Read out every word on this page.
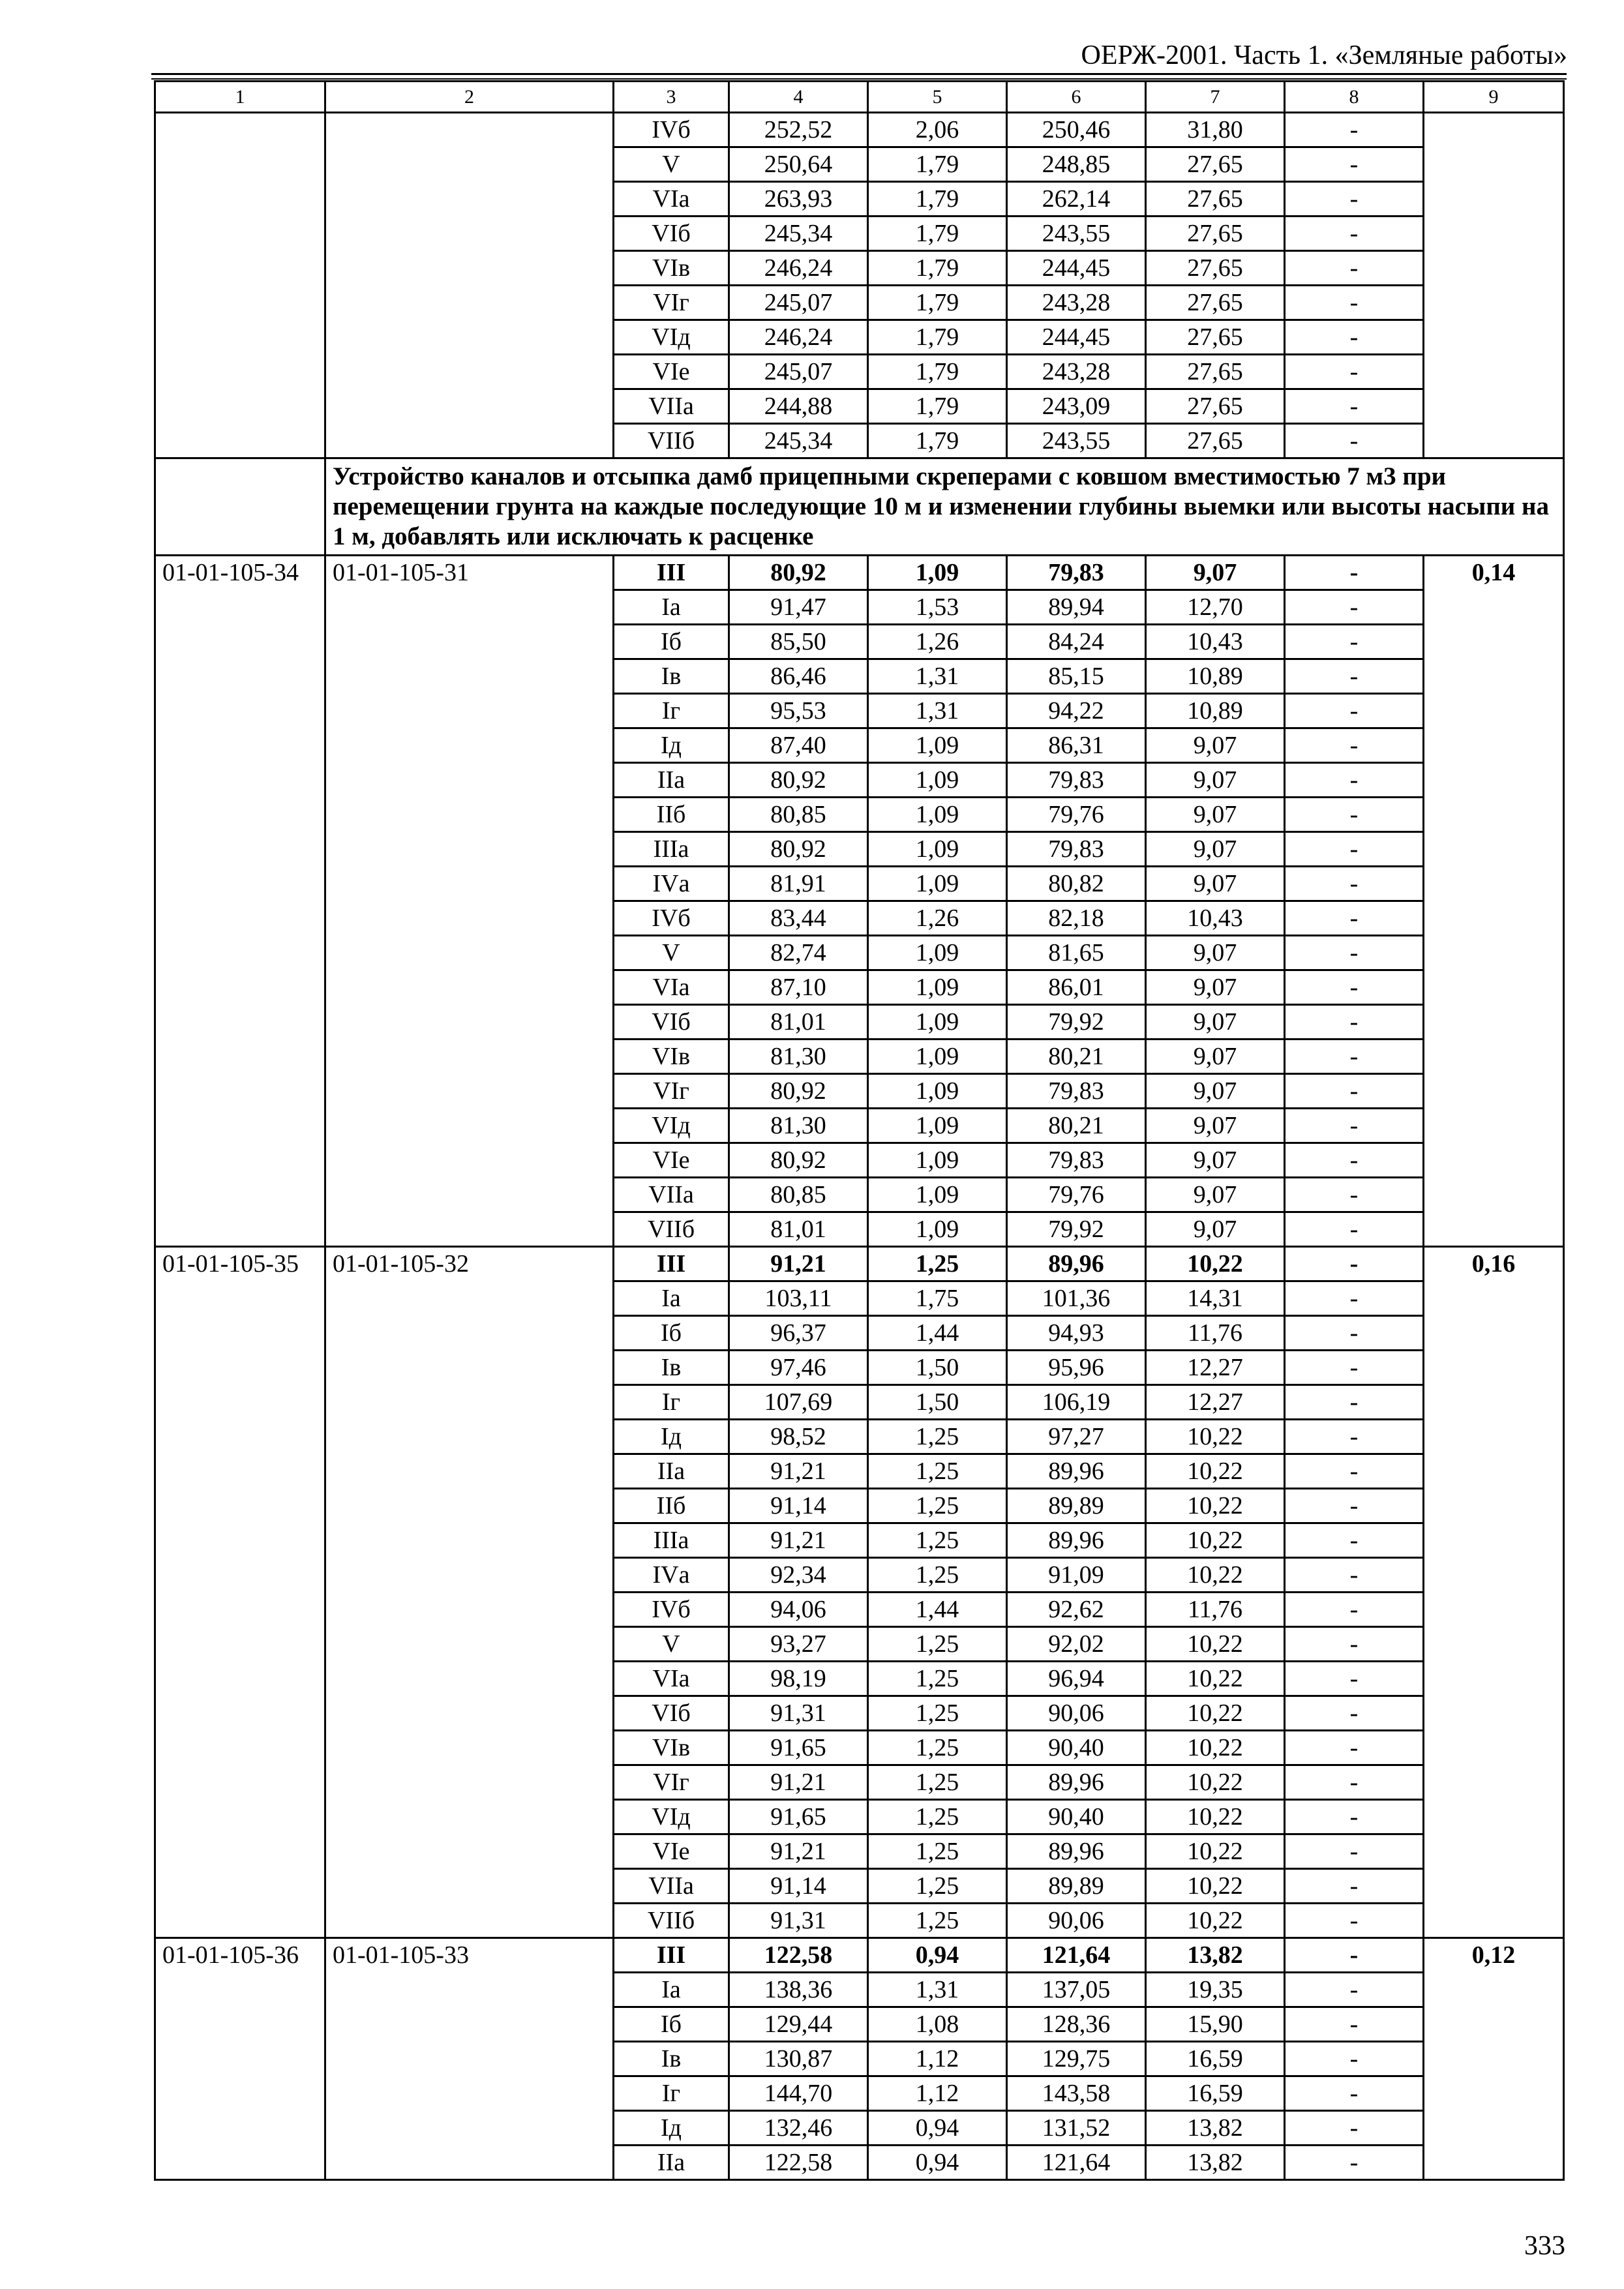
ОЕРЖ-2001. Часть 1. «Земляные работы»
1	2	3	4	5	6	7	8	9
		IVб	252,52	2,06	250,46	31,80	-	
		V	250,64	1,79	248,85	27,65	-	
		VIа	263,93	1,79	262,14	27,65	-	
		VIб	245,34	1,79	243,55	27,65	-	
		VIв	246,24	1,79	244,45	27,65	-	
		VIг	245,07	1,79	243,28	27,65	-	
		VIд	246,24	1,79	244,45	27,65	-	
		VIе	245,07	1,79	243,28	27,65	-	
		VIIа	244,88	1,79	243,09	27,65	-	
		VIIб	245,34	1,79	243,55	27,65	-	
	Устройство каналов и отсыпка дамб прицепными скреперами с ковшом вместимостью 7 м3 при перемещении грунта на каждые последующие 10 м и изменении глубины выемки или высоты насыпи на 1 м, добавлять или исключать к расценке							
01-01-105-34	01-01-105-31	III	80,92	1,09	79,83	9,07	-	0,14
		Iа	91,47	1,53	89,94	12,70	-	
		Iб	85,50	1,26	84,24	10,43	-	
		Iв	86,46	1,31	85,15	10,89	-	
		Iг	95,53	1,31	94,22	10,89	-	
		Iд	87,40	1,09	86,31	9,07	-	
		IIа	80,92	1,09	79,83	9,07	-	
		IIб	80,85	1,09	79,76	9,07	-	
		IIIа	80,92	1,09	79,83	9,07	-	
		IVа	81,91	1,09	80,82	9,07	-	
		IVб	83,44	1,26	82,18	10,43	-	
		V	82,74	1,09	81,65	9,07	-	
		VIа	87,10	1,09	86,01	9,07	-	
		VIб	81,01	1,09	79,92	9,07	-	
		VIв	81,30	1,09	80,21	9,07	-	
		VIг	80,92	1,09	79,83	9,07	-	
		VIд	81,30	1,09	80,21	9,07	-	
		VIе	80,92	1,09	79,83	9,07	-	
		VIIа	80,85	1,09	79,76	9,07	-	
		VIIб	81,01	1,09	79,92	9,07	-	
01-01-105-35	01-01-105-32	III	91,21	1,25	89,96	10,22	-	0,16
		Iа	103,11	1,75	101,36	14,31	-	
		Iб	96,37	1,44	94,93	11,76	-	
		Iв	97,46	1,50	95,96	12,27	-	
		Iг	107,69	1,50	106,19	12,27	-	
		Iд	98,52	1,25	97,27	10,22	-	
		IIа	91,21	1,25	89,96	10,22	-	
		IIб	91,14	1,25	89,89	10,22	-	
		IIIа	91,21	1,25	89,96	10,22	-	
		IVа	92,34	1,25	91,09	10,22	-	
		IVб	94,06	1,44	92,62	11,76	-	
		V	93,27	1,25	92,02	10,22	-	
		VIа	98,19	1,25	96,94	10,22	-	
		VIб	91,31	1,25	90,06	10,22	-	
		VIв	91,65	1,25	90,40	10,22	-	
		VIг	91,21	1,25	89,96	10,22	-	
		VIд	91,65	1,25	90,40	10,22	-	
		VIе	91,21	1,25	89,96	10,22	-	
		VIIа	91,14	1,25	89,89	10,22	-	
		VIIб	91,31	1,25	90,06	10,22	-	
01-01-105-36	01-01-105-33	III	122,58	0,94	121,64	13,82	-	0,12
		Iа	138,36	1,31	137,05	19,35	-	
		Iб	129,44	1,08	128,36	15,90	-	
		Iв	130,87	1,12	129,75	16,59	-	
		Iг	144,70	1,12	143,58	16,59	-	
		Iд	132,46	0,94	131,52	13,82	-	
		IIа	122,58	0,94	121,64	13,82	-	
333
